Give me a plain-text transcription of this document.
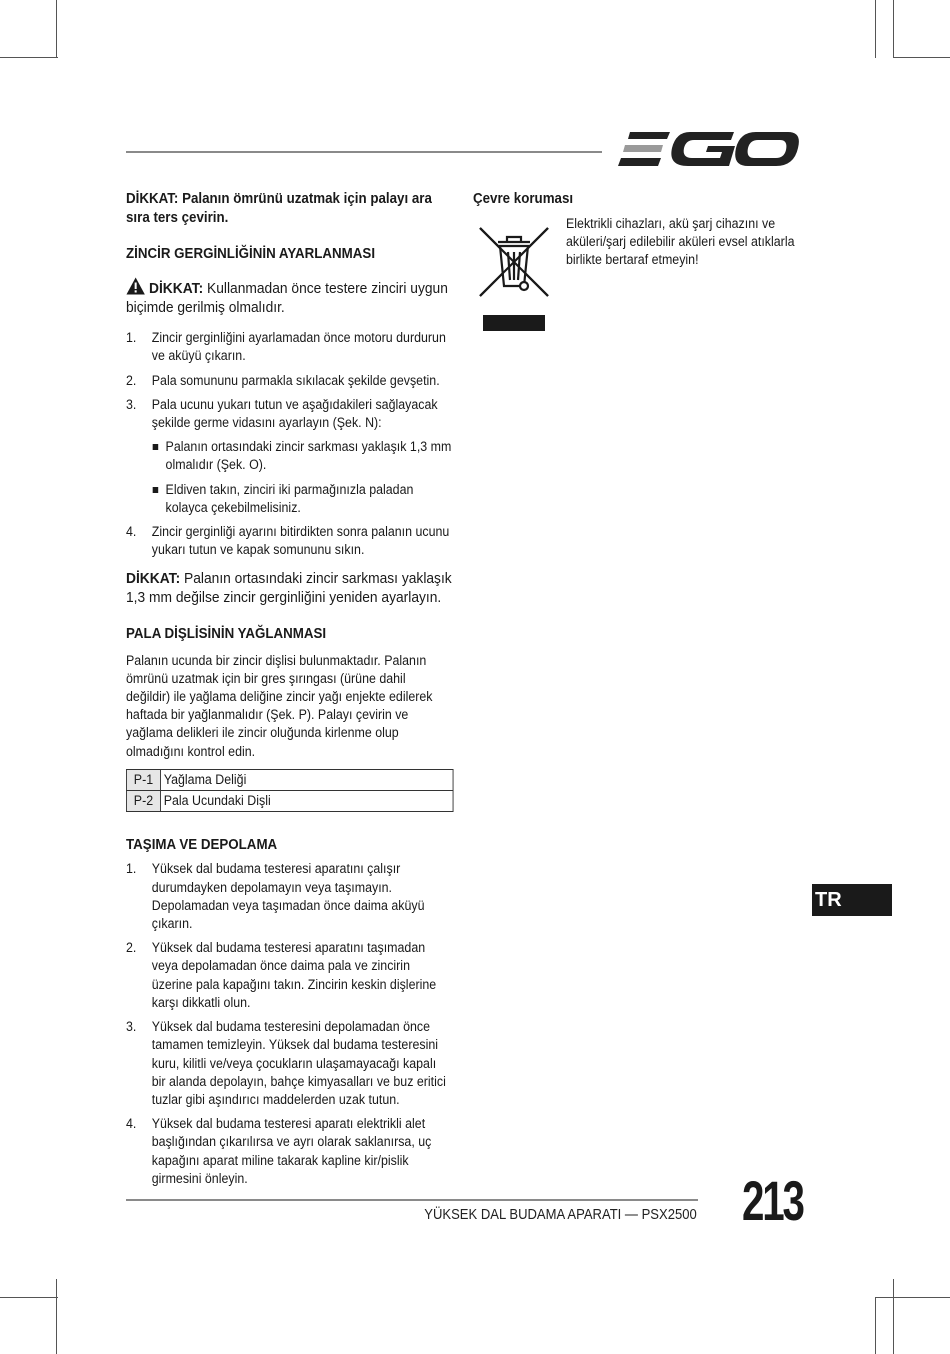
DİKKAT: Palanın ömrünü uzatmak için palayı ara sıra ters çevirin.

ZİNCİR GERGİNLİĞİNİN AYARLANMASI

DİKKAT: Kullanmadan önce testere zinciri uygun biçimde gerilmiş olmalıdır.

1. Zincir gerginliğini ayarlamadan önce motoru durdurun ve aküyü çıkarın.
2. Pala somununu parmakla sıkılacak şekilde gevşetin.
3. Pala ucunu yukarı tutun ve aşağıdakileri sağlayacak şekilde germe vidasını ayarlayın (Şek. N):
Palanın ortasındaki zincir sarkması yaklaşık 1,3 mm olmalıdır (Şek. O).
Eldiven takın, zinciri iki parmağınızla paladan kolayca çekebilmelisiniz.
4. Zincir gerginliği ayarını bitirdikten sonra palanın ucunu yukarı tutun ve kapak somununu sıkın.

DİKKAT: Palanın ortasındaki zincir sarkması yaklaşık 1,3 mm değilse zincir gerginliğini yeniden ayarlayın.

PALA DİŞLİSİNİN YAĞLANMASI

Palanın ucunda bir zincir dişlisi bulunmaktadır. Palanın ömrünü uzatmak için bir gres şırıngası (ürüne dahil değildir) ile yağlama deliğine zincir yağı enjekte edilerek haftada bir yağlanmalıdır (Şek. P). Palayı çevirin ve yağlama delikleri ile zincir oluğunda kirlenme olup olmadığını kontrol edin.

P-1	Yağlama Deliği
P-2	Pala Ucundaki Dişli

TAŞIMA VE DEPOLAMA

1. Yüksek dal budama testeresi aparatını çalışır durumdayken depolamayın veya taşımayın. Depolamadan veya taşımadan önce daima aküyü çıkarın.
2. Yüksek dal budama testeresi aparatını taşımadan veya depolamadan önce daima pala ve zincirin üzerine pala kapağını takın. Zincirin keskin dişlerine karşı dikkatli olun.
3. Yüksek dal budama testeresini depolamadan önce tamamen temizleyin. Yüksek dal budama testeresini kuru, kilitli ve/veya çocukların ulaşamayacağı kapalı bir alanda depolayın, bahçe kimyasalları ve buz eritici tuzlar gibi aşındırıcı maddelerden uzak tutun.
4. Yüksek dal budama testeresi aparatı elektrikli alet başlığından çıkarılırsa ve ayrı olarak saklanırsa, uç kapağını aparat miline takarak kapline kir/pislik girmesini önleyin.

Çevre koruması

Elektrikli cihazları, akü şarj cihazını ve aküleri/şarj edilebilir aküleri evsel atıklarla birlikte bertaraf etmeyin!

TR
YÜKSEK DAL BUDAMA APARATI — PSX2500 213
